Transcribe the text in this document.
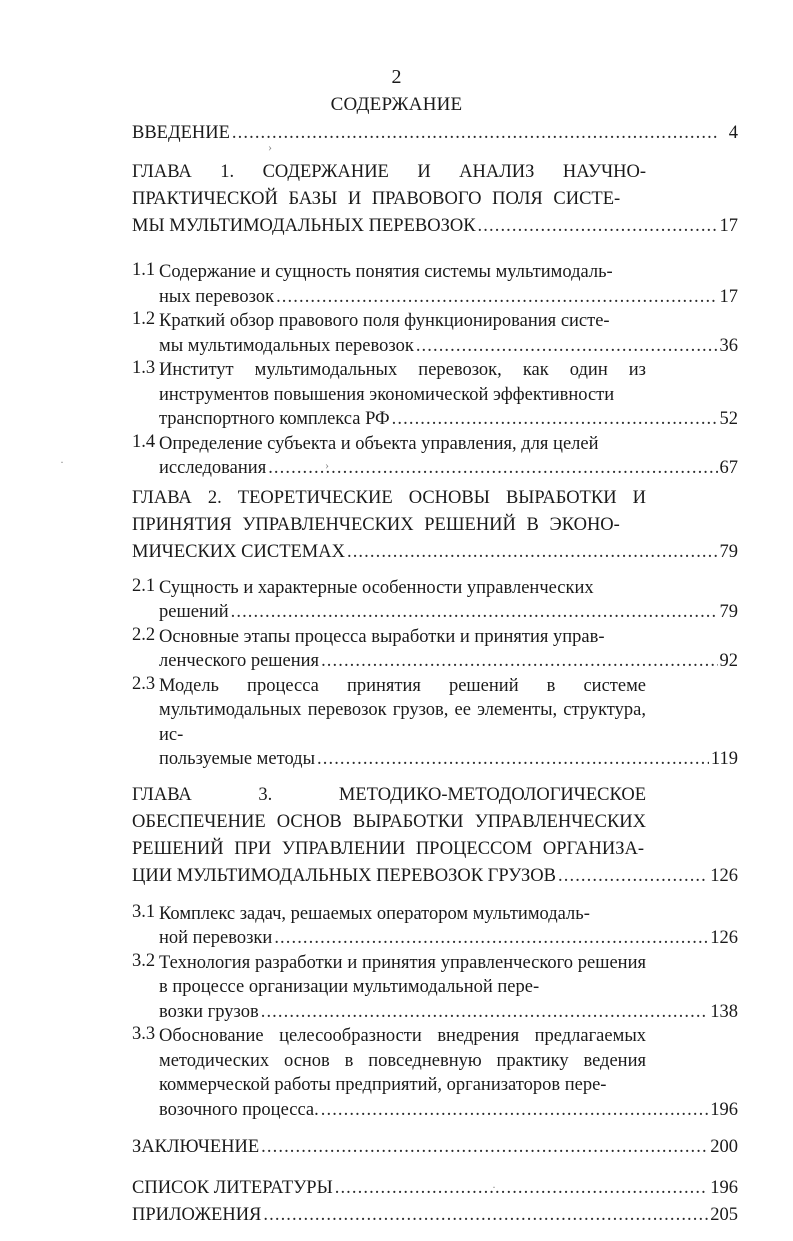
2
СОДЕРЖАНИЕ
ВВЕДЕНИЕ .....	4
ГЛАВА 1. СОДЕРЖАНИЕ И АНАЛИЗ НАУЧНО-ПРАКТИЧЕСКОЙ БАЗЫ И ПРАВОВОГО ПОЛЯ СИСТЕ-
МЫ МУЛЬТИМОДАЛЬНЫХ ПЕРЕВОЗОК .....	17
1.1 Содержание и сущность понятия системы мультимодаль-
ных перевозок .....	17
1.2 Краткий обзор правового поля функционирования систе-
мы мультимодальных перевозок .....	36
1.3 Институт мультимодальных перевозок, как один из инструментов повышения экономической эффективности
транспортного комплекса РФ .....	52
1.4 Определение субъекта и объекта управления, для целей
исследования .....	67
ГЛАВА 2. ТЕОРЕТИЧЕСКИЕ ОСНОВЫ ВЫРАБОТКИ И ПРИНЯТИЯ УПРАВЛЕНЧЕСКИХ РЕШЕНИЙ В ЭКОНО-
МИЧЕСКИХ СИСТЕМАХ .....	79
2.1 Сущность и характерные особенности управленческих
решений .....	79
2.2 Основные этапы процесса выработки и принятия управ-
ленческого решения .....	92
2.3 Модель процесса принятия решений в системе мультимодальных перевозок грузов, ее элементы, структура, ис-
пользуемые методы .....	119
ГЛАВА 3. МЕТОДИКО-МЕТОДОЛОГИЧЕСКОЕ ОБЕСПЕЧЕНИЕ ОСНОВ ВЫРАБОТКИ УПРАВЛЕНЧЕСКИХ РЕШЕНИЙ ПРИ УПРАВЛЕНИИ ПРОЦЕССОМ ОРГАНИЗА-
ЦИИ МУЛЬТИМОДАЛЬНЫХ ПЕРЕВОЗОК ГРУЗОВ .....	126
3.1 Комплекс задач, решаемых оператором мультимодаль-
ной перевозки .....	126
3.2 Технология разработки и принятия управленческого решения в процессе организации мультимодальной пере-
возки грузов .....	138
3.3 Обоснование целесообразности внедрения предлагаемых методических основ в повседневную практику ведения коммерческой работы предприятий, организаторов пере-
возочного процесса. .....	196
ЗАКЛЮЧЕНИЕ .....	200
СПИСОК ЛИТЕРАТУРЫ .....	196
ПРИЛОЖЕНИЯ .....	205
›
›
·
·
